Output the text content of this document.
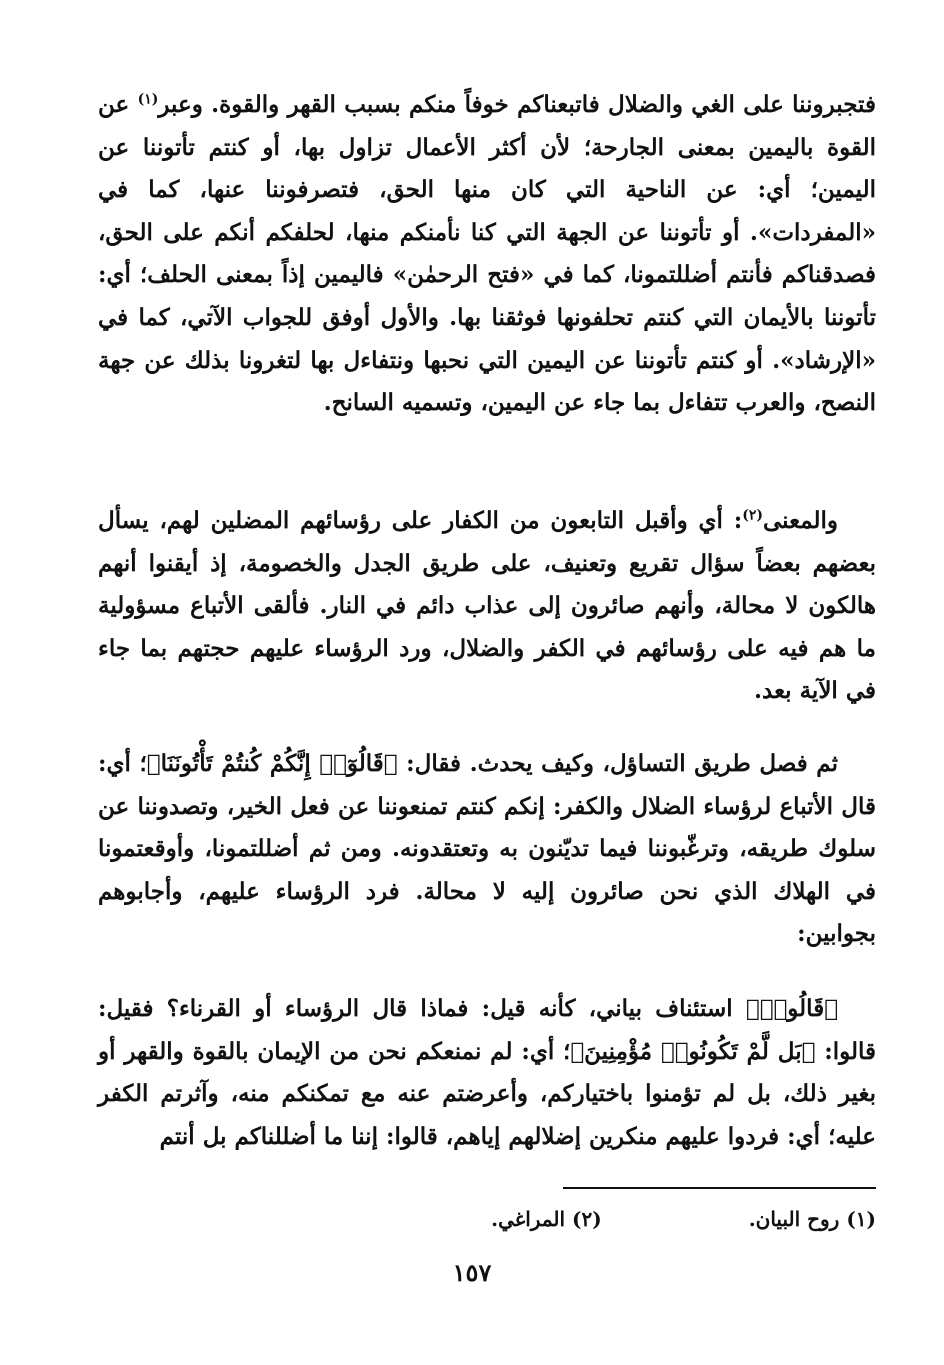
فتجبروننا على الغي والضلال فاتبعناكم خوفاً منكم بسبب القهر والقوة. وعبر$^{(١)}$ عن القوة باليمين بمعنى الجارحة؛ لأن أكثر الأعمال تزاول بها، أو كنتم تأتوننا عن اليمين؛ أي: عن الناحية التي كان منها الحق، فتصرفوننا عنها، كما في «المفردات». أو تأتوننا عن الجهة التي كنا نأمنكم منها، لحلفكم أنكم على الحق، فصدقناكم فأنتم أضللتمونا، كما في «فتح الرحمٰن» فاليمين إذاً بمعنى الحلف؛ أي: تأتوننا بالأيمان التي كنتم تحلفونها فوثقنا بها. والأول أوفق للجواب الآتي، كما في «الإرشاد». أو كنتم تأتوننا عن اليمين التي نحبها ونتفاءل بها لتغرونا بذلك عن جهة النصح، والعرب تتفاءل بما جاء عن اليمين، وتسميه السانح.
والمعنى$^{(٢)}$: أي وأقبل التابعون من الكفار على رؤسائهم المضلين لهم، يسأل بعضهم بعضاً سؤال تقريع وتعنيف، على طريق الجدل والخصومة، إذ أيقنوا أنهم هالكون لا محالة، وأنهم صائرون إلى عذاب دائم في النار. فألقى الأتباع مسؤولية ما هم فيه على رؤسائهم في الكفر والضلال، ورد الرؤساء عليهم حجتهم بما جاء في الآية بعد.
ثم فصل طريق التساؤل، وكيف يحدث. فقال: ﴿قَالُوٓا۟ إِنَّكُمْ كُنتُمْ تَأْتُونَنَا﴾؛ أي: قال الأتباع لرؤساء الضلال والكفر: إنكم كنتم تمنعوننا عن فعل الخير، وتصدوننا عن سلوك طريقه، وترغّبوننا فيما تديّنون به وتعتقدونه. ومن ثم أضللتمونا، وأوقعتمونا في الهلاك الذي نحن صائرون إليه لا محالة. فرد الرؤساء عليهم، وأجابوهم بجوابين:
﴿قَالُوا۟﴾ استئناف بياني، كأنه قيل: فماذا قال الرؤساء أو القرناء؟ فقيل: قالوا: ﴿بَل لَّمْ تَكُونُوا۟ مُؤْمِنِينَ﴾؛ أي: لم نمنعكم نحن من الإيمان بالقوة والقهر أو بغير ذلك، بل لم تؤمنوا باختياركم، وأعرضتم عنه مع تمكنكم منه، وآثرتم الكفر عليه؛ أي: فردوا عليهم منكرين إضلالهم إياهم، قالوا: إننا ما أضللناكم بل أنتم
(١) روح البيان. (٢) المراغي.
١٥٧
